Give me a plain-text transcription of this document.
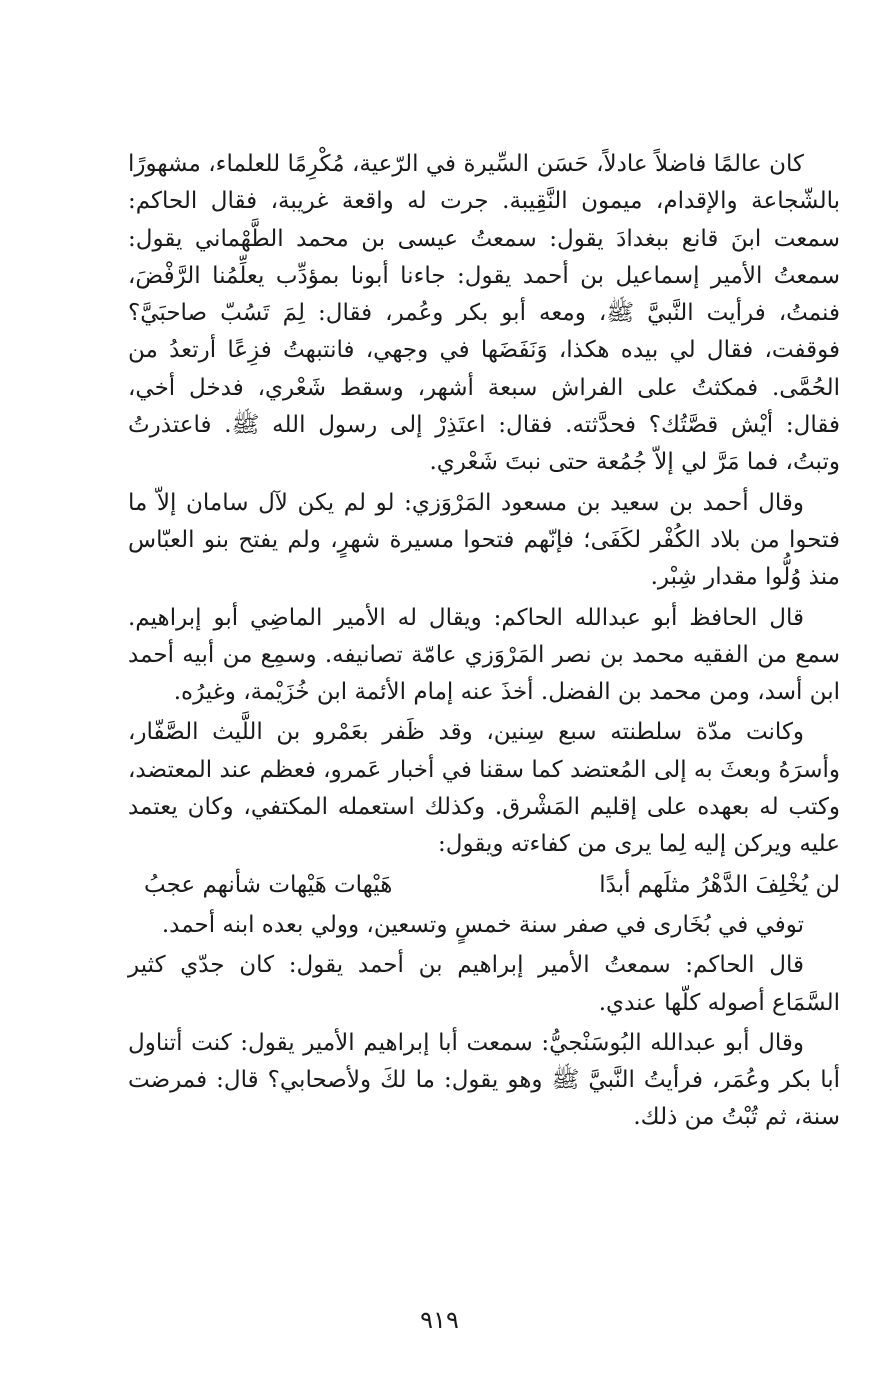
كان عالمًا فاضلاً عادلاً، حَسَن السِّيرة في الرّعية، مُكْرِمًا للعلماء، مشهورًا بالشّجاعة والإقدام، ميمون النَّقِيبة. جرت له واقعة غريبة، فقال الحاكم: سمعت ابنَ قانع ببغدادَ يقول: سمعتُ عيسى بن محمد الطَّهْماني يقول: سمعتُ الأمير إسماعيل بن أحمد يقول: جاءنا أبونا بمؤدِّب يعلِّمُنا الرَّفْضَ، فنمتُ، فرأيت النَّبيَّ ﷺ، ومعه أبو بكر وعُمر، فقال: لِمَ تَسُبّ صاحبَيَّ؟ فوقفت، فقال لي بيده هكذا، وَنَفَضَها في وجهي، فانتبهتُ فزِعًا أرتعدُ من الحُمَّى. فمكثتُ على الفراش سبعة أشهر، وسقط شَعْري، فدخل أخي، فقال: أيْش قصَّتُك؟ فحدَّثته. فقال: اعتَذِرْ إلى رسول الله ﷺ. فاعتذرتُ وتبتُ، فما مَرَّ لي إلاّ جُمُعة حتى نبتَ شَعْري.

وقال أحمد بن سعيد بن مسعود المَرْوَزي: لو لم يكن لآل سامان إلاّ ما فتحوا من بلاد الكُفْر لكَفَى؛ فإنّهم فتحوا مسيرة شهرٍ، ولم يفتح بنو العبّاس منذ وُلُّوا مقدار شِبْر.

قال الحافظ أبو عبدالله الحاكم: ويقال له الأمير الماضِي أبو إبراهيم. سمع من الفقيه محمد بن نصر المَرْوَزي عامّة تصانيفه. وسمِع من أبيه أحمد ابن أسد، ومن محمد بن الفضل. أخذَ عنه إمام الأئمة ابن خُزَيْمة، وغيرُه.

وكانت مدّة سلطنته سبع سِنين، وقد ظَفر بعَمْرو بن اللَّيث الصَّفّار، وأسرَهُ وبعثَ به إلى المُعتضد كما سقنا في أخبار عَمرو، فعظم عند المعتضد، وكتب له بعهده على إقليم المَشْرق. وكذلك استعمله المكتفي، وكان يعتمد عليه ويركن إليه لِما يرى من كفاءته ويقول:

لن يُخْلِفَ الدَّهْرُ مثلَهم أبدًا
هَيْهات هَيْهات شأنهم عجبُ

توفي في بُخَارى في صفر سنة خمسٍ وتسعين، وولي بعده ابنه أحمد.

قال الحاكم: سمعتُ الأمير إبراهيم بن أحمد يقول: كان جدّي كثير السَّمَاع أصوله كلّها عندي.

وقال أبو عبدالله البُوسَنْجيُّ: سمعت أبا إبراهيم الأمير يقول: كنت أتناول أبا بكر وعُمَر، فرأيتُ النَّبيَّ ﷺ وهو يقول: ما لكَ ولأصحابي؟ قال: فمرضت سنة، ثم تُبْتُ من ذلك.

٩١٩
